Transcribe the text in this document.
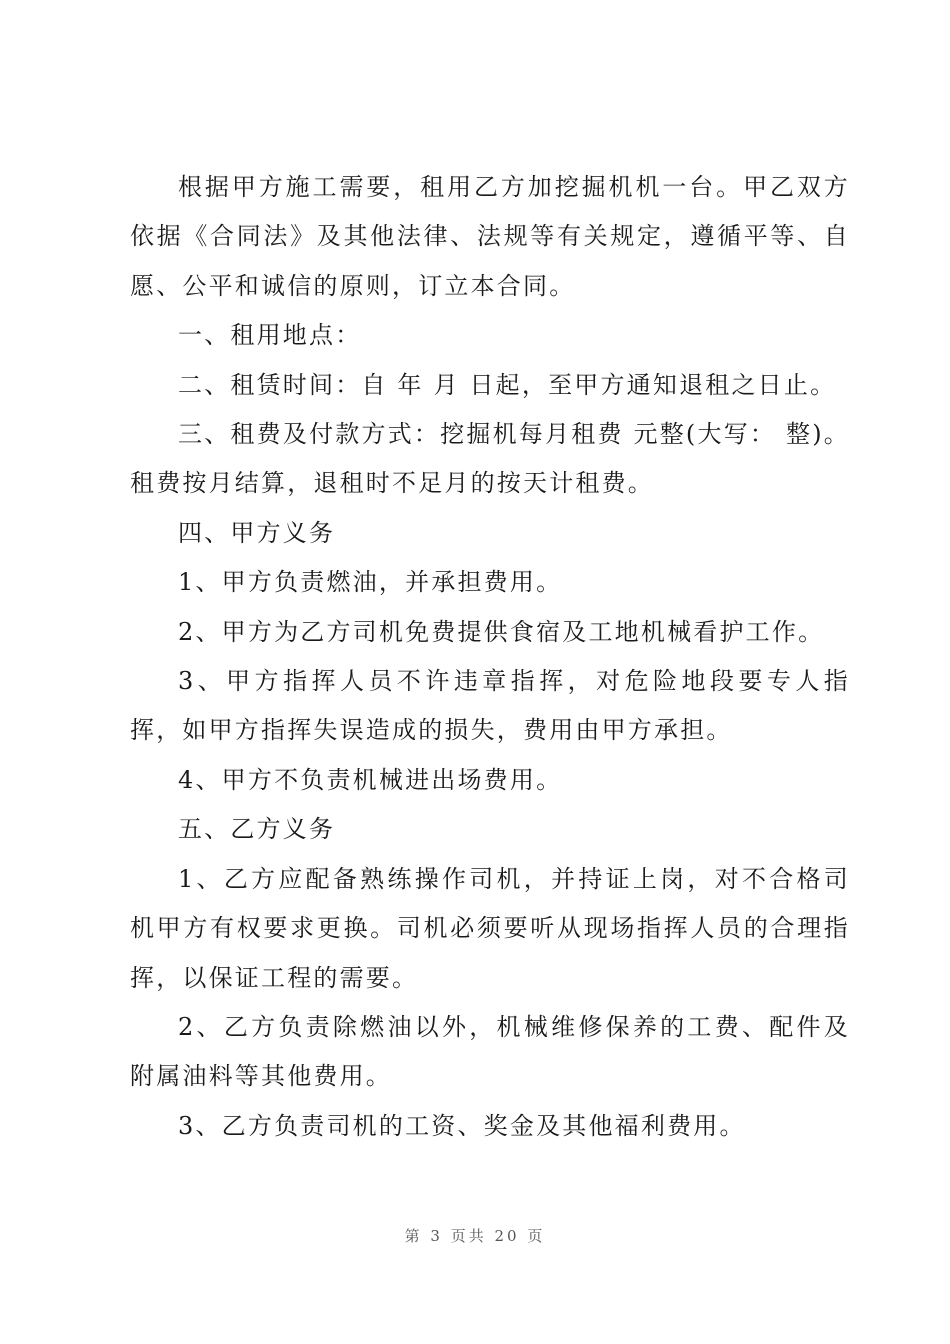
根据甲方施工需要，租用乙方加挖掘机机一台。甲乙双方依据《合同法》及其他法律、法规等有关规定，遵循平等、自愿、公平和诚信的原则，订立本合同。

一、租用地点：

二、租赁时间：自 年 月 日起，至甲方通知退租之日止。

三、租费及付款方式：挖掘机每月租费 元整(大写： 整)。租费按月结算，退租时不足月的按天计租费。

四、甲方义务

1、甲方负责燃油，并承担费用。

2、甲方为乙方司机免费提供食宿及工地机械看护工作。

3、甲方指挥人员不许违章指挥，对危险地段要专人指挥，如甲方指挥失误造成的损失，费用由甲方承担。

4、甲方不负责机械进出场费用。

五、乙方义务

1、乙方应配备熟练操作司机，并持证上岗，对不合格司机甲方有权要求更换。司机必须要听从现场指挥人员的合理指挥，以保证工程的需要。

2、乙方负责除燃油以外，机械维修保养的工费、配件及附属油料等其他费用。

3、乙方负责司机的工资、奖金及其他福利费用。

第 3 页共 20 页
